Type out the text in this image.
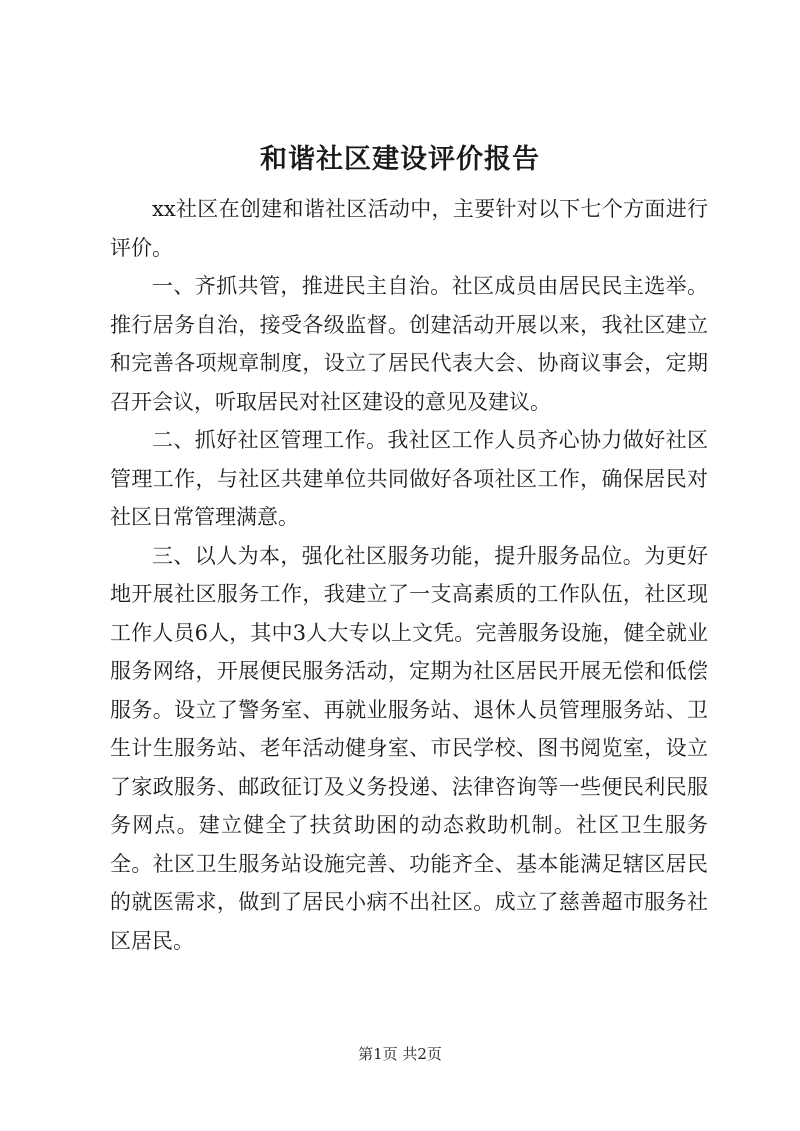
和谐社区建设评价报告

xx社区在创建和谐社区活动中，主要针对以下七个方面进行评价。

一、齐抓共管，推进民主自治。社区成员由居民民主选举。推行居务自治，接受各级监督。创建活动开展以来，我社区建立和完善各项规章制度，设立了居民代表大会、协商议事会，定期召开会议，听取居民对社区建设的意见及建议。

二、抓好社区管理工作。我社区工作人员齐心协力做好社区管理工作，与社区共建单位共同做好各项社区工作，确保居民对社区日常管理满意。

三、以人为本，强化社区服务功能，提升服务品位。为更好地开展社区服务工作，我建立了一支高素质的工作队伍，社区现工作人员6人，其中3人大专以上文凭。完善服务设施，健全就业服务网络，开展便民服务活动，定期为社区居民开展无偿和低偿服务。设立了警务室、再就业服务站、退休人员管理服务站、卫生计生服务站、老年活动健身室、市民学校、图书阅览室，设立了家政服务、邮政征订及义务投递、法律咨询等一些便民利民服务网点。建立健全了扶贫助困的动态救助机制。社区卫生服务全。社区卫生服务站设施完善、功能齐全、基本能满足辖区居民的就医需求，做到了居民小病不出社区。成立了慈善超市服务社区居民。

第1页 共2页
